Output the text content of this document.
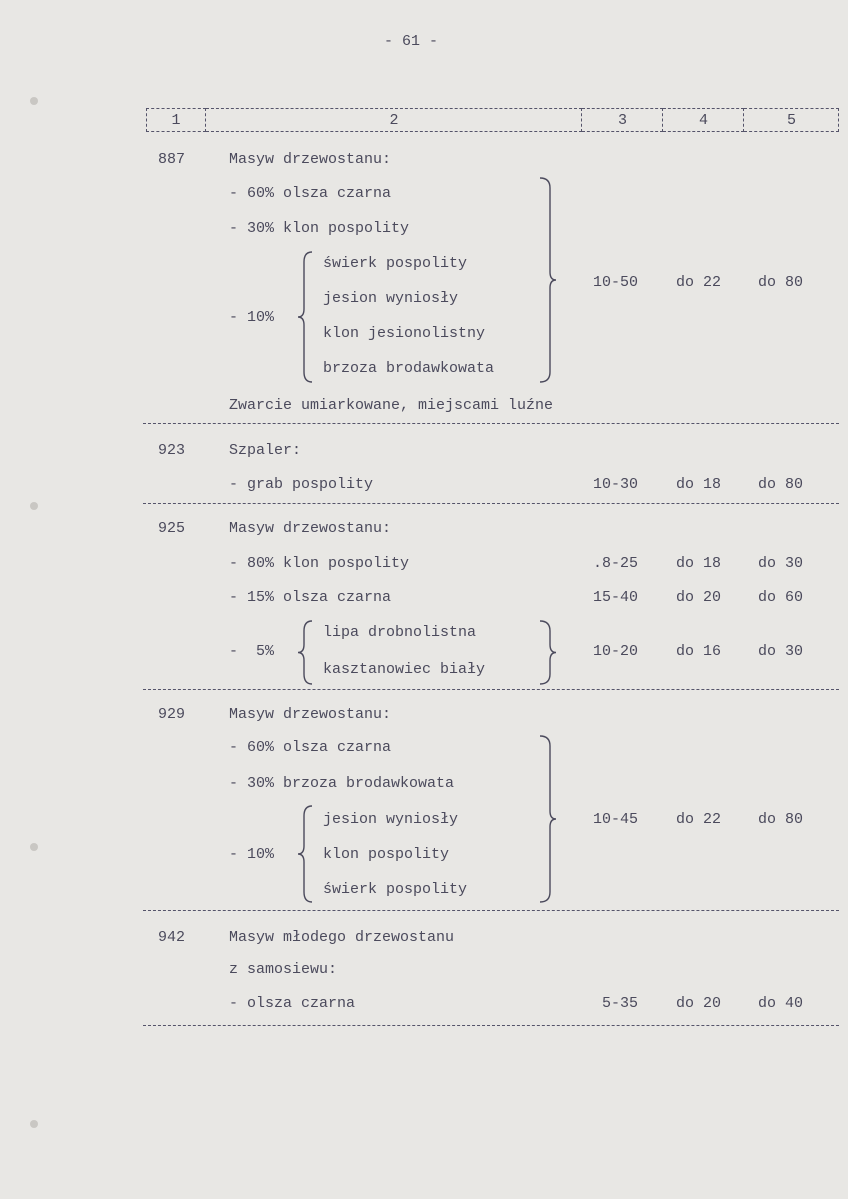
- 61 -
1	2	3	4	5
887	Masyw drzewostanu:
- 60% olsza czarna
- 30% klon pospolity
- 10%
świerk pospolity
jesion wyniosły
klon jesionolistny
brzoza brodawkowata
10-50	do 22 do 80
Zwarcie umiarkowane, miejscami luźne
923	Szpaler:
- grab pospolity	10-30	do 18 do 80
925	Masyw drzewostanu:
- 80% klon pospolity	.8-25	do 18 do 30
- 15% olsza czarna	15-40	do 20 do 60
-  5%
lipa drobnolistna
kasztanowiec biały
10-20	do 16 do 30
929	Masyw drzewostanu:
- 60% olsza czarna
- 30% brzoza brodawkowata
- 10%
jesion wyniosły
klon pospolity
świerk pospolity
10-45	do 22 do 80
942	Masyw młodego drzewostanu
z samosiewu:
- olsza czarna	5-35	do 20 do 40
